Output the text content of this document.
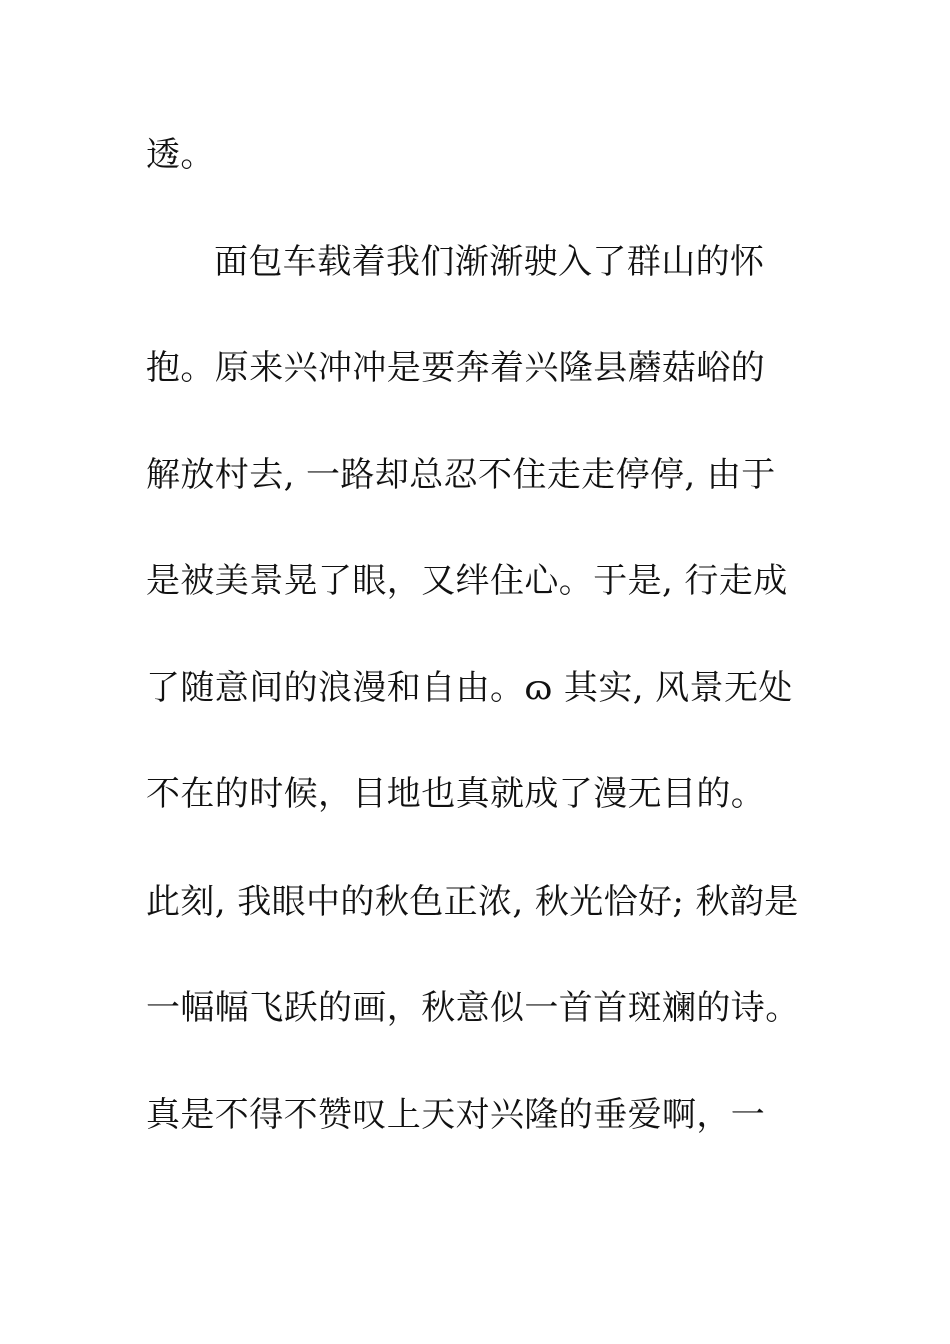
透。
面包车载着我们渐渐驶入了群山的怀
抱。原来兴冲冲是要奔着兴隆县蘑菇峪的
解放村去, 一路却总忍不住走走停停, 由于
是被美景晃了眼，又绊住心。于是, 行走成
了随意间的浪漫和自由。ɷ 其实, 风景无处
不在的时候，目地也真就成了漫无目的。
此刻, 我眼中的秋色正浓, 秋光恰好; 秋韵是
一幅幅飞跃的画，秋意似一首首斑斓的诗。
真是不得不赞叹上天对兴隆的垂爱啊，一
